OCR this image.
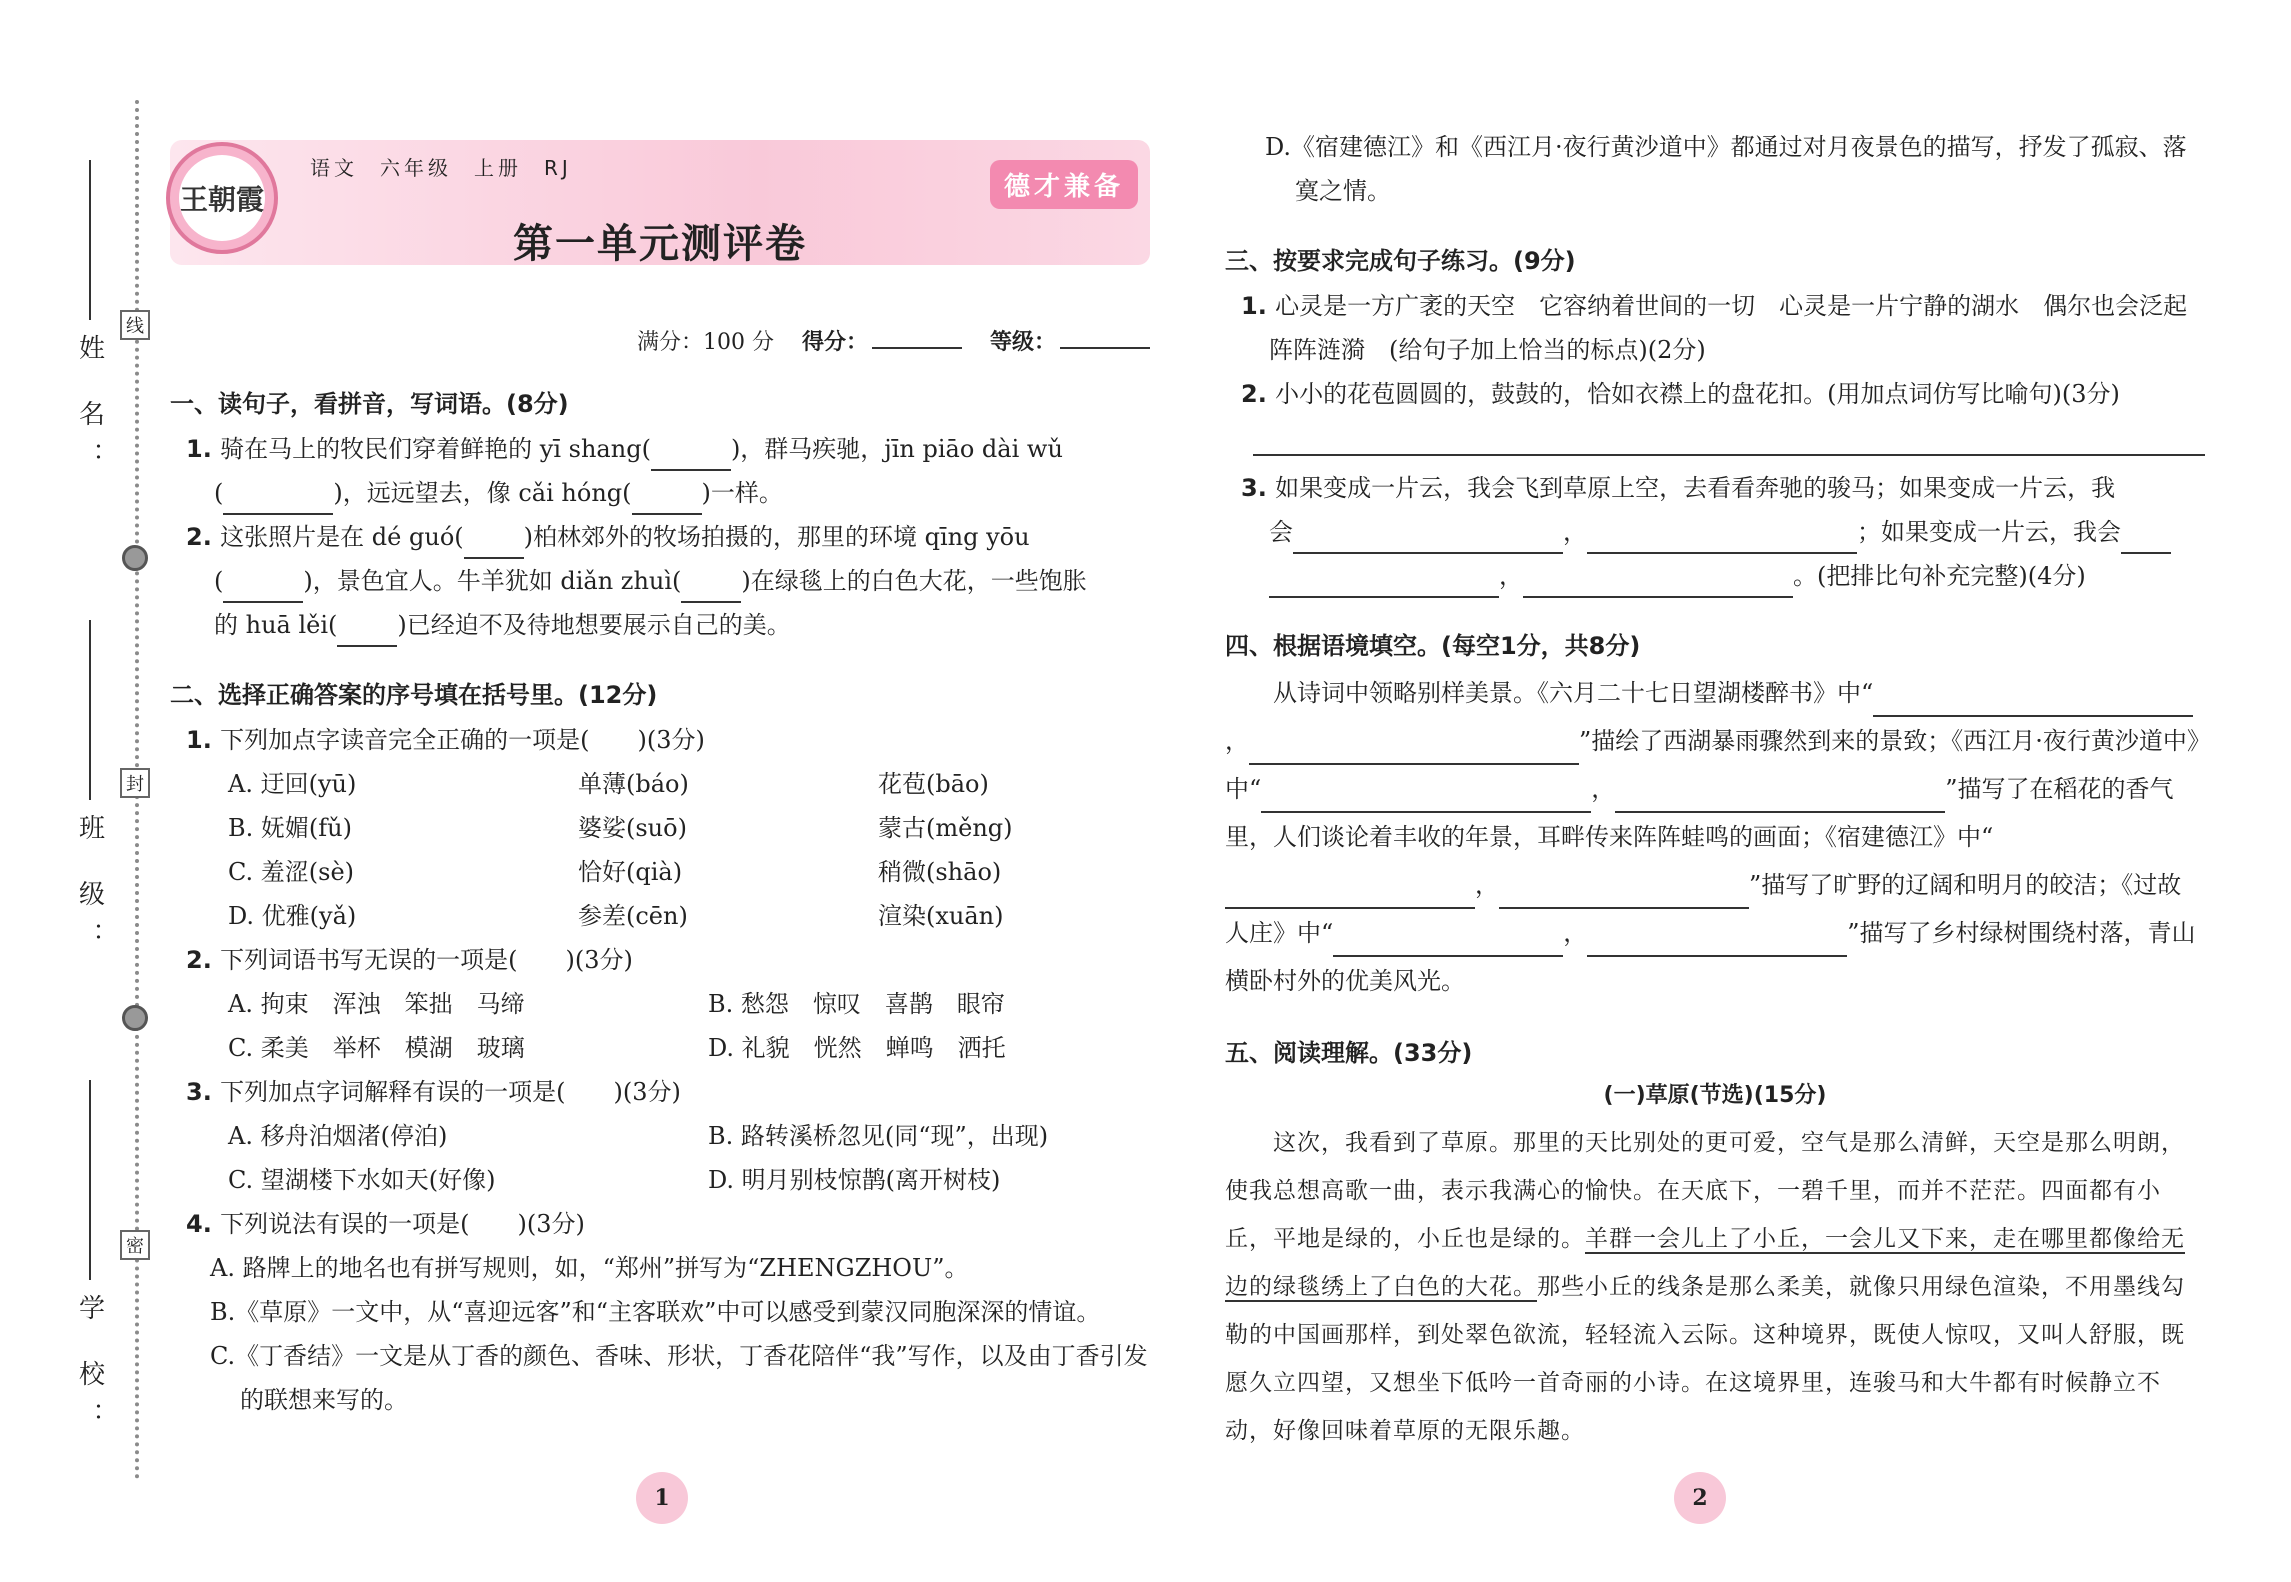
姓 名：
线
班 级：
封
学 校：
密
王朝霞
语文 六年级 上册 RJ
德才兼备
第一单元测评卷
满分：100 分 得分：	等级：
一、读句子，看拼音，写词语。(8分)
1. 骑在马上的牧民们穿着鲜艳的 yī shang(	)，群马疾驰，jīn piāo dài wǔ
(	)，远远望去，像 cǎi hóng(	)一样。
2. 这张照片是在 dé guó(	)柏林郊外的牧场拍摄的，那里的环境 qīng yōu
(	)，景色宜人。牛羊犹如 diǎn zhuì(	)在绿毯上的白色大花，一些饱胀
的 huā lěi(	)已经迫不及待地想要展示自己的美。
二、选择正确答案的序号填在括号里。(12分)
1. 下列加点字读音完全正确的一项是(　　)(3分)
A. 迂回(yū)	单薄(báo)	花苞(bāo)
B. 妩媚(fǔ)	婆娑(suō)	蒙古(měng)
C. 羞涩(sè)	恰好(qià)	稍微(shāo)
D. 优雅(yǎ)	参差(cēn)	渲染(xuān)
2. 下列词语书写无误的一项是(　　)(3分)
A. 拘束　浑浊　笨拙　马缔	B. 愁怨　惊叹　喜鹊　眼帘
C. 柔美　举杯　模湖　玻璃	D. 礼貌　恍然　蝉鸣　洒托
3. 下列加点字词解释有误的一项是(　　)(3分)
A. 移舟泊烟渚(停泊)	B. 路转溪桥忽见(同“现”，出现)
C. 望湖楼下水如天(好像)	D. 明月别枝惊鹊(离开树枝)
4. 下列说法有误的一项是(　　)(3分)
A. 路牌上的地名也有拼写规则，如，“郑州”拼写为“ZHENGZHOU”。
B.《草原》一文中，从“喜迎远客”和“主客联欢”中可以感受到蒙汉同胞深深的情谊。
C.《丁香结》一文是从丁香的颜色、香味、形状，丁香花陪伴“我”写作，以及由丁香引发的联想来写的。
1
D.《宿建德江》和《西江月·夜行黄沙道中》都通过对月夜景色的描写，抒发了孤寂、落寞之情。
三、按要求完成句子练习。(9分)
1. 心灵是一方广袤的天空　它容纳着世间的一切　心灵是一片宁静的湖水　偶尔也会泛起阵阵涟漪　(给句子加上恰当的标点)(2分)
2. 小小的花苞圆圆的，鼓鼓的，恰如衣襟上的盘花扣。(用加点词仿写比喻句)(3分)
3. 如果变成一片云，我会飞到草原上空，去看看奔驰的骏马；如果变成一片云，我
会	，	；如果变成一片云，我会
，	。(把排比句补充完整)(4分)
四、根据语境填空。(每空1分，共8分)
从诗词中领略别样美景。《六月二十七日望湖楼醉书》中“，	”描绘了西湖暴雨骤然到来的景致；《西江月·夜行黄沙道中》中“	，	”描写了在稻花的香气里，人们谈论着丰收的年景，耳畔传来阵阵蛙鸣的画面；《宿建德江》中“，	”描写了旷野的辽阔和明月的皎洁；《过故人庄》中“	，	”描写了乡村绿树围绕村落，青山横卧村外的优美风光。
五、阅读理解。(33分)
(一)草原(节选)(15分)
这次，我看到了草原。那里的天比别处的更可爱，空气是那么清鲜，天空是那么明朗，使我总想高歌一曲，表示我满心的愉快。在天底下，一碧千里，而并不茫茫。四面都有小丘，平地是绿的，小丘也是绿的。羊群一会儿上了小丘，一会儿又下来，走在哪里都像给无边的绿毯绣上了白色的大花。那些小丘的线条是那么柔美，就像只用绿色渲染，不用墨线勾勒的中国画那样，到处翠色欲流，轻轻流入云际。这种境界，既使人惊叹，又叫人舒服，既愿久立四望，又想坐下低吟一首奇丽的小诗。在这境界里，连骏马和大牛都有时候静立不动，好像回味着草原的无限乐趣。
2
